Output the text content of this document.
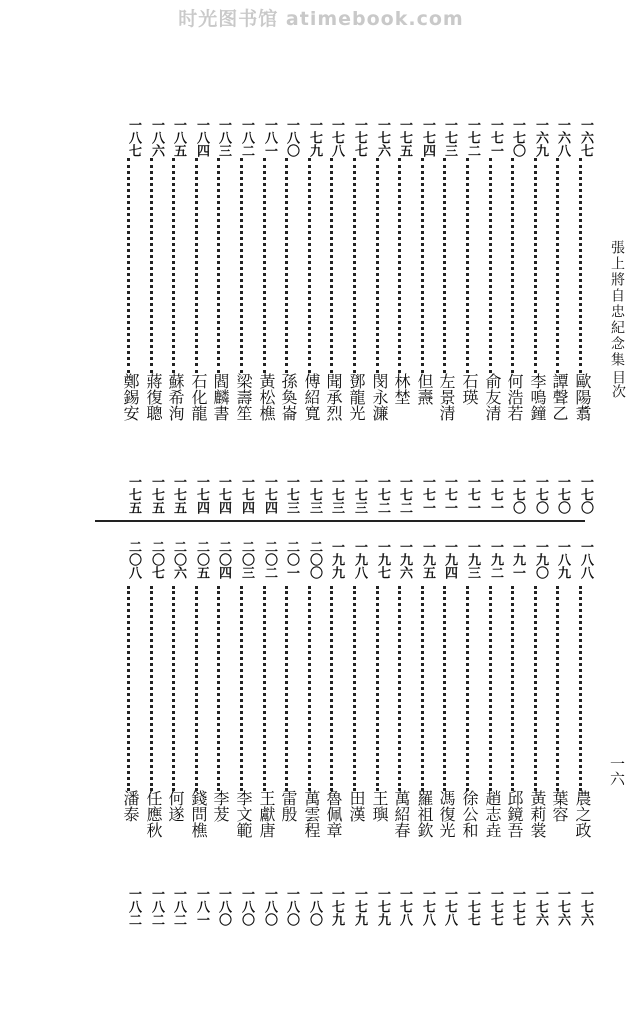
时光图书馆 atimebook.com
張上將自忠紀念集
目次
一六
一六七
歐陽翥
一七〇
一六八
譚聲乙
一七〇
一六九
李鳴鐘
一七〇
一七〇
何浩若
一七〇
一七一
俞友清
一七一
一七二
石瑛
一七一
一七三
左景清
一七一
一七四
但燾
一七一
一七五
林埜
一七二
一七六
閔永濂
一七二
一七七
鄧龍光
一七三
一七八
聞承烈
一七三
一七九
傅紹寬
一七三
一八〇
孫奐崙
一七三
一八一
黃松樵
一七四
一八二
梁壽笙
一七四
一八三
閻麟書
一七四
一八四
石化龍
一七四
一八五
蘇希洵
一七五
一八六
蔣復聰
一七五
一八七
鄭錫安
一七五
一八八
農之政
一七六
一八九
葉容
一七六
一九〇
黃莉裳
一七六
一九一
邱鏡吾
一七七
一九二
趙志垚
一七七
一九三
徐公和
一七七
一九四
馮復光
一七八
一九五
羅祖欽
一七八
一九六
萬紹春
一七八
一九七
王璵
一七九
一九八
田漢
一七九
一九九
魯佩章
一七九
二〇〇
萬雲程
一八〇
二〇一
雷殷
一八〇
二〇二
王獻唐
一八〇
二〇三
李文範
一八〇
二〇四
李茇
一八〇
二〇五
錢問樵
一八一
二〇六
何遂
一八二
二〇七
任應秋
一八二
二〇八
潘泰
一八二
